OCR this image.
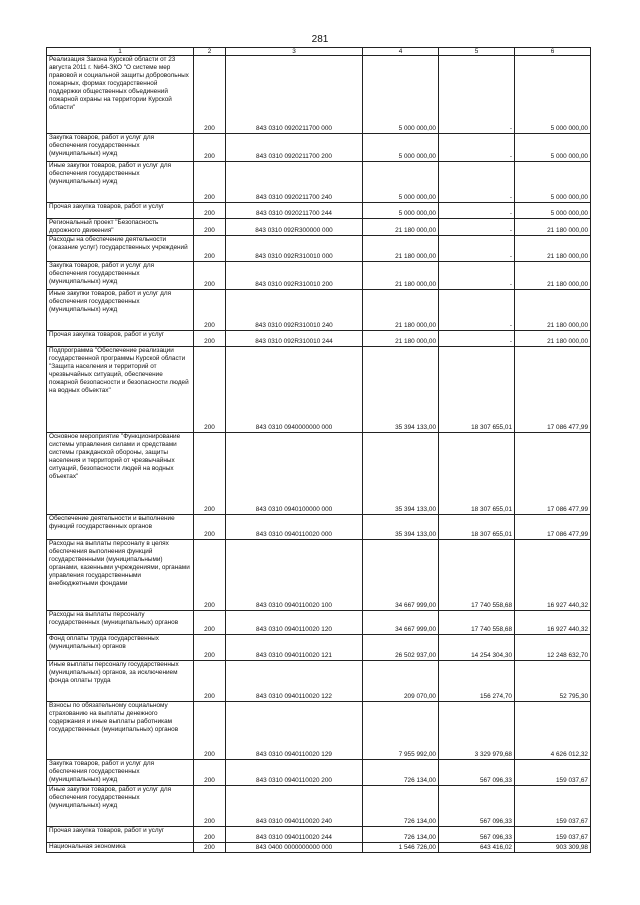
281
1	2	3	4	5	6
Реализация Закона Курской области от 23 августа 2011 г. №64-ЗКО "О системе мер правовой и социальной защиты добровольных пожарных, формах государственной поддержки общественных объединений пожарной охраны на территории Курской области"	200	843 0310 0920211700 000	5 000 000,00	-	5 000 000,00
Закупка товаров, работ и услуг для обеспечения государственных (муниципальных) нужд	200	843 0310 0920211700 200	5 000 000,00	-	5 000 000,00
Иные закупки товаров, работ и услуг для обеспечения государственных (муниципальных) нужд	200	843 0310 0920211700 240	5 000 000,00	-	5 000 000,00
Прочая закупка товаров, работ и услуг	200	843 0310 0920211700 244	5 000 000,00	-	5 000 000,00
Региональный проект "Безопасность дорожного движения"	200	843 0310 092R300000 000	21 180 000,00	-	21 180 000,00
Расходы на обеспечение деятельности (оказание услуг) государственных учреждений	200	843 0310 092R310010 000	21 180 000,00	-	21 180 000,00
Закупка товаров, работ и услуг для обеспечения государственных (муниципальных) нужд	200	843 0310 092R310010 200	21 180 000,00	-	21 180 000,00
Иные закупки товаров, работ и услуг для обеспечения государственных (муниципальных) нужд	200	843 0310 092R310010 240	21 180 000,00	-	21 180 000,00
Прочая закупка товаров, работ и услуг	200	843 0310 092R310010 244	21 180 000,00	-	21 180 000,00
Подпрограмма "Обеспечение реализации государственной программы Курской области "Защита населения и территорий от чрезвычайных ситуаций, обеспечение пожарной безопасности и безопасности людей на водных объектах"	200	843 0310 0940000000 000	35 394 133,00	18 307 655,01	17 086 477,99
Основное мероприятие "Функционирование системы управления силами и средствами системы гражданской обороны, защиты населения и территорий от чрезвычайных ситуаций, безопасности людей на водных объектах"	200	843 0310 0940100000 000	35 394 133,00	18 307 655,01	17 086 477,99
Обеспечение деятельности и выполнение функций государственных органов	200	843 0310 0940110020 000	35 394 133,00	18 307 655,01	17 086 477,99
Расходы на выплаты персоналу в целях обеспечения выполнения функций государственными (муниципальными) органами, казенными учреждениями, органами управления государственными внебюджетными фондами	200	843 0310 0940110020 100	34 667 999,00	17 740 558,68	16 927 440,32
Расходы на выплаты персоналу государственных (муниципальных) органов	200	843 0310 0940110020 120	34 667 999,00	17 740 558,68	16 927 440,32
Фонд оплаты труда государственных (муниципальных) органов	200	843 0310 0940110020 121	26 502 937,00	14 254 304,30	12 248 632,70
Иные выплаты персоналу государственных (муниципальных) органов, за исключением фонда оплаты труда	200	843 0310 0940110020 122	209 070,00	156 274,70	52 795,30
Взносы по обязательному социальному страхованию на выплаты денежного содержания и иные выплаты работникам государственных (муниципальных) органов	200	843 0310 0940110020 129	7 955 992,00	3 329 979,68	4 626 012,32
Закупка товаров, работ и услуг для обеспечения государственных (муниципальных) нужд	200	843 0310 0940110020 200	726 134,00	567 096,33	159 037,67
Иные закупки товаров, работ и услуг для обеспечения государственных (муниципальных) нужд	200	843 0310 0940110020 240	726 134,00	567 096,33	159 037,67
Прочая закупка товаров, работ и услуг	200	843 0310 0940110020 244	726 134,00	567 096,33	159 037,67
Национальная экономика	200	843 0400 0000000000 000	1 546 726,00	643 416,02	903 309,98
